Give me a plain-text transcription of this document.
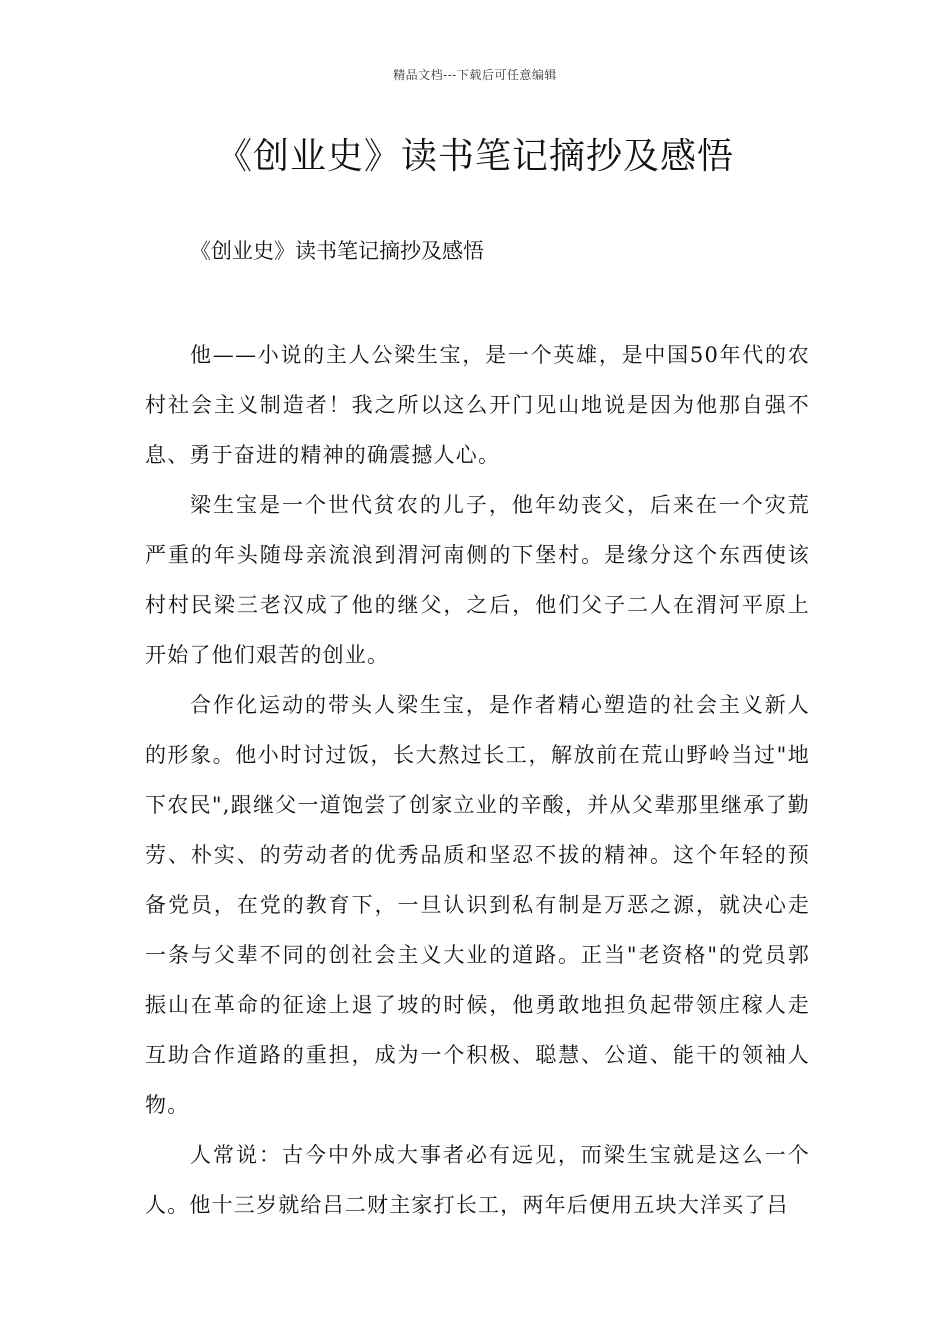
精品文档---下载后可任意编辑
《创业史》读书笔记摘抄及感悟

《创业史》读书笔记摘抄及感悟

他——小说的主人公梁生宝，是一个英雄，是中国50年代的农村社会主义制造者！我之所以这么开门见山地说是因为他那自强不息、勇于奋进的精神的确震撼人心。

梁生宝是一个世代贫农的儿子，他年幼丧父，后来在一个灾荒严重的年头随母亲流浪到渭河南侧的下堡村。是缘分这个东西使该村村民梁三老汉成了他的继父，之后，他们父子二人在渭河平原上开始了他们艰苦的创业。

合作化运动的带头人梁生宝，是作者精心塑造的社会主义新人的形象。他小时讨过饭，长大熬过长工，解放前在荒山野岭当过"地下农民",跟继父一道饱尝了创家立业的辛酸，并从父辈那里继承了勤劳、朴实、的劳动者的优秀品质和坚忍不拔的精神。这个年轻的预备党员，在党的教育下，一旦认识到私有制是万恶之源，就决心走一条与父辈不同的创社会主义大业的道路。正当"老资格"的党员郭振山在革命的征途上退了坡的时候，他勇敢地担负起带领庄稼人走互助合作道路的重担，成为一个积极、聪慧、公道、能干的领袖人物。

人常说：古今中外成大事者必有远见，而梁生宝就是这么一个人。他十三岁就给吕二财主家打长工，两年后便用五块大洋买了吕
